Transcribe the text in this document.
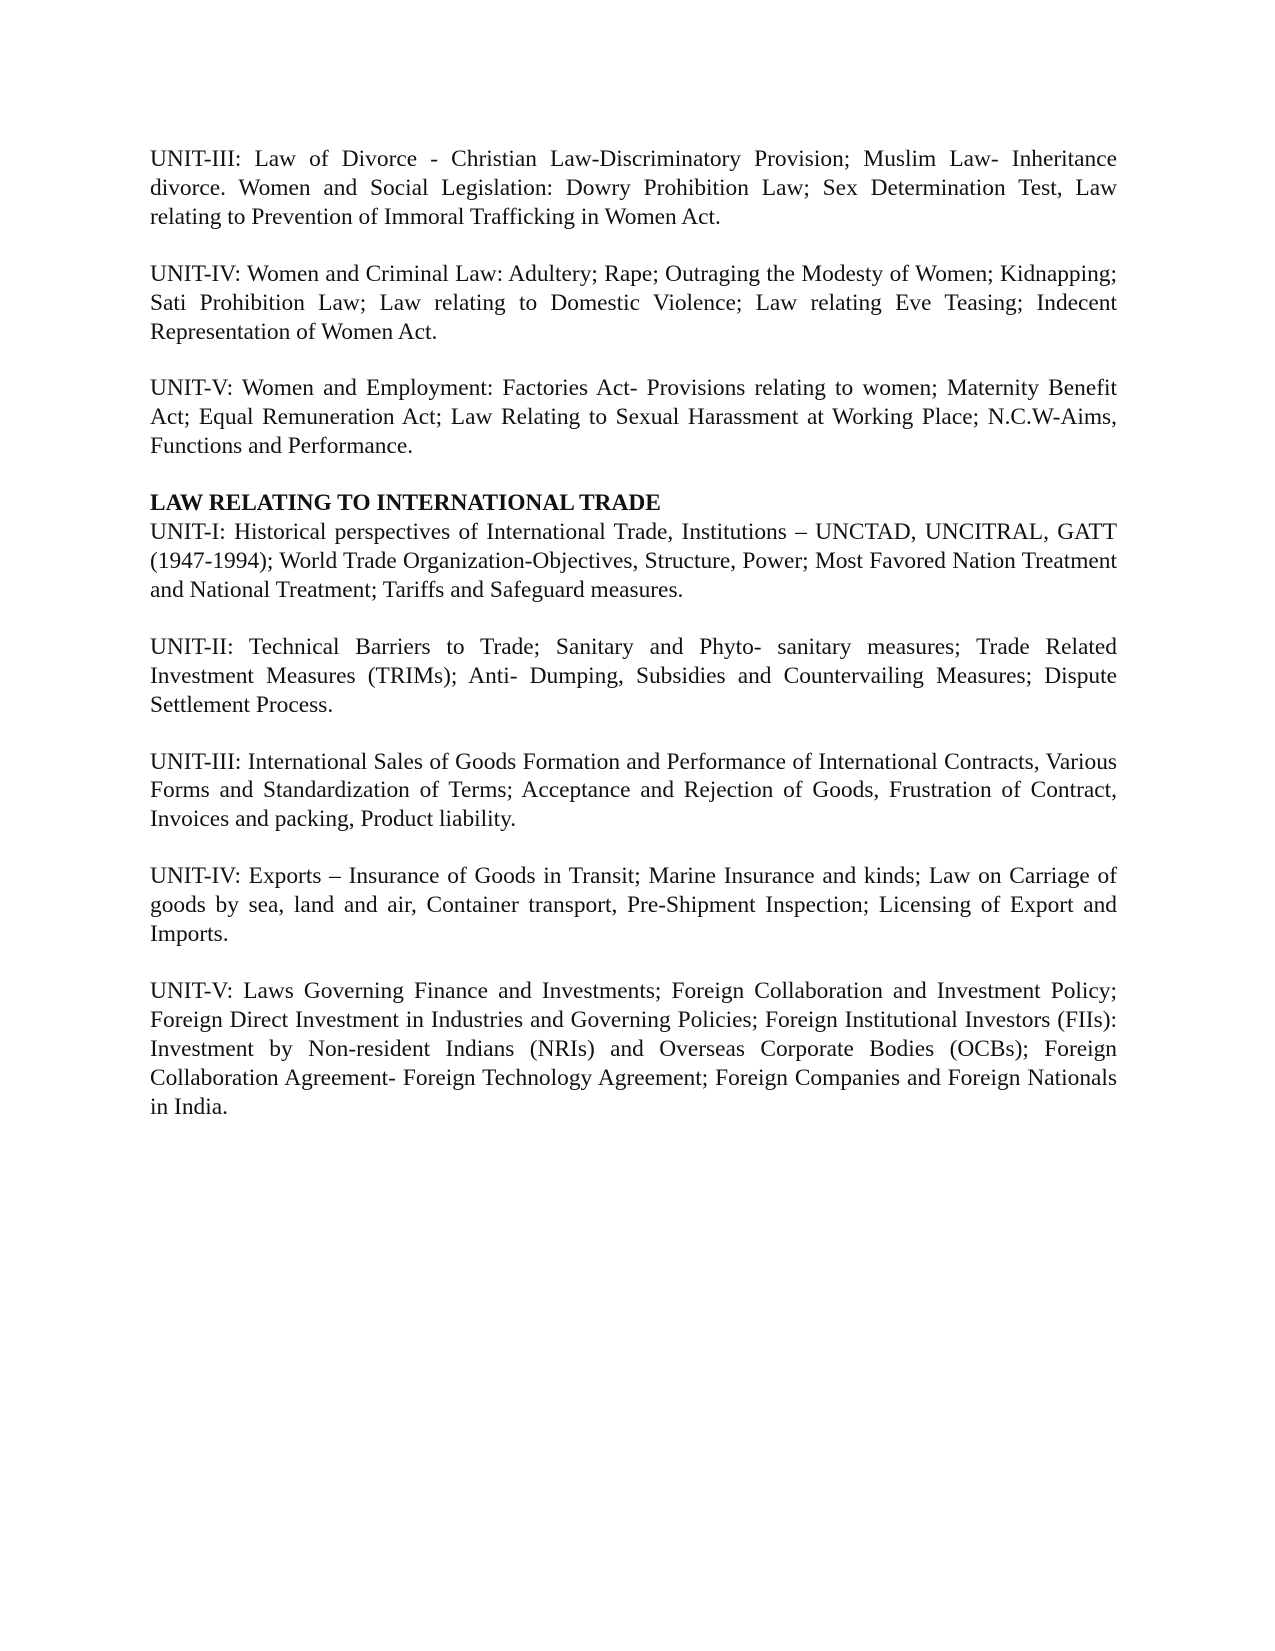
UNIT-III: Law of Divorce - Christian Law-Discriminatory Provision; Muslim Law- Inheritance divorce. Women and Social Legislation: Dowry Prohibition Law; Sex Determination Test, Law relating to Prevention of Immoral Trafficking in Women Act.

UNIT-IV: Women and Criminal Law: Adultery; Rape; Outraging the Modesty of Women; Kidnapping; Sati Prohibition Law; Law relating to Domestic Violence; Law relating Eve Teasing; Indecent Representation of Women Act.

UNIT-V: Women and Employment: Factories Act- Provisions relating to women; Maternity Benefit Act; Equal Remuneration Act; Law Relating to Sexual Harassment at Working Place; N.C.W-Aims, Functions and Performance.

LAW RELATING TO INTERNATIONAL TRADE

UNIT-I: Historical perspectives of International Trade, Institutions – UNCTAD, UNCITRAL, GATT (1947-1994); World Trade Organization-Objectives, Structure, Power; Most Favored Nation Treatment and National Treatment; Tariffs and Safeguard measures.

UNIT-II: Technical Barriers to Trade; Sanitary and Phyto- sanitary measures; Trade Related Investment Measures (TRIMs); Anti- Dumping, Subsidies and Countervailing Measures; Dispute Settlement Process.

UNIT-III: International Sales of Goods Formation and Performance of International Contracts, Various Forms and Standardization of Terms; Acceptance and Rejection of Goods, Frustration of Contract, Invoices and packing, Product liability.

UNIT-IV: Exports – Insurance of Goods in Transit; Marine Insurance and kinds; Law on Carriage of goods by sea, land and air, Container transport, Pre-Shipment Inspection; Licensing of Export and Imports.

UNIT-V: Laws Governing Finance and Investments; Foreign Collaboration and Investment Policy; Foreign Direct Investment in Industries and Governing Policies; Foreign Institutional Investors (FIIs): Investment by Non-resident Indians (NRIs) and Overseas Corporate Bodies (OCBs); Foreign Collaboration Agreement- Foreign Technology Agreement; Foreign Companies and Foreign Nationals in India.
